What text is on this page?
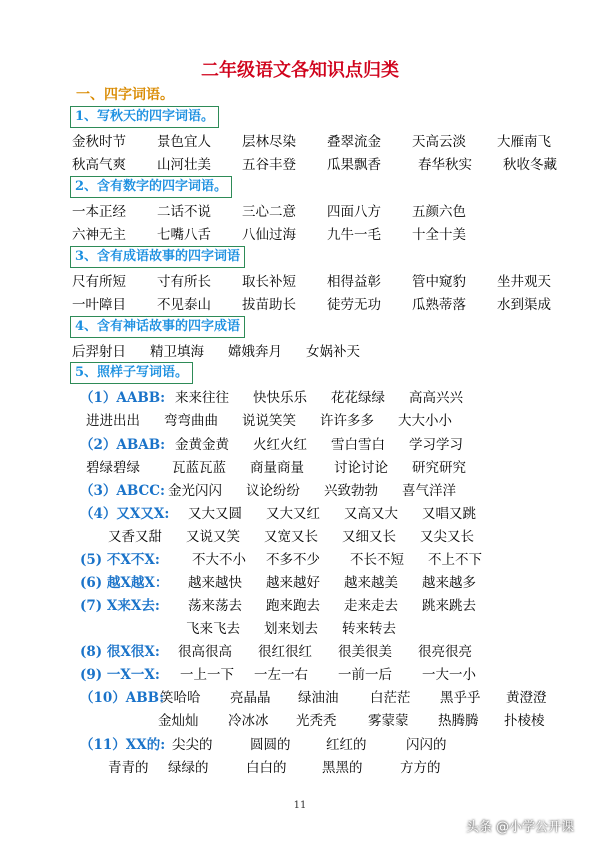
二年级语文各知识点归类
一、四字词语。
1、写秋天的四字词语。
金秋时节 景色宜人 层林尽染 叠翠流金 天高云淡 大雁南飞
秋高气爽 山河壮美 五谷丰登 瓜果飘香	春华秋实 秋收冬藏
2、含有数字的四字词语。
一本正经 二话不说 三心二意 四面八方 五颜六色
六神无主 七嘴八舌 八仙过海 九牛一毛 十全十美
3、含有成语故事的四字词语
尺有所短 寸有所长 取长补短 相得益彰 管中窥豹 坐井观天
一叶障目 不见泰山 拔苗助长 徒劳无功 瓜熟蒂落 水到渠成
4、含有神话故事的四字成语
后羿射日 精卫填海 嫦娥奔月 女娲补天
5、照样子写词语。
（1）AABB: 来来往往 快快乐乐 花花绿绿 高高兴兴
进进出出 弯弯曲曲 说说笑笑 许许多多 大大小小
（2）ABAB: 金黄金黄 火红火红 雪白雪白 学习学习
碧绿碧绿 瓦蓝瓦蓝 商量商量 讨论讨论 研究研究
（3）ABCC: 金光闪闪 议论纷纷 兴致勃勃 喜气洋洋
（4）又X又X: 又大又圆 又大又红 又高又大 又唱又跳
又香又甜 又说又笑 又宽又长 又细又长 又尖又长
(5) 不X不X: 不大不小 不多不少 不长不短 不上不下
(6) 越X越X： 越来越快 越来越好 越来越美 越来越多
(7) X来X去: 荡来荡去 跑来跑去 走来走去 跳来跳去
飞来飞去 划来划去 转来转去
(8) 很X很X: 很高很高 很红很红 很美很美 很亮很亮
(9) 一X一X: 一上一下 一左一右 一前一后 一大一小
（10）ABB:
笑哈哈 亮晶晶 绿油油 白茫茫 黑乎乎 黄澄澄
金灿灿 冷冰冰 光秃秃 雾蒙蒙 热腾腾 扑棱棱
（11）XX的: 尖尖的	圆圆的	红红的	闪闪的
青青的 绿绿的	白白的	黑黑的	方方的
11
头条 @小学公开课
